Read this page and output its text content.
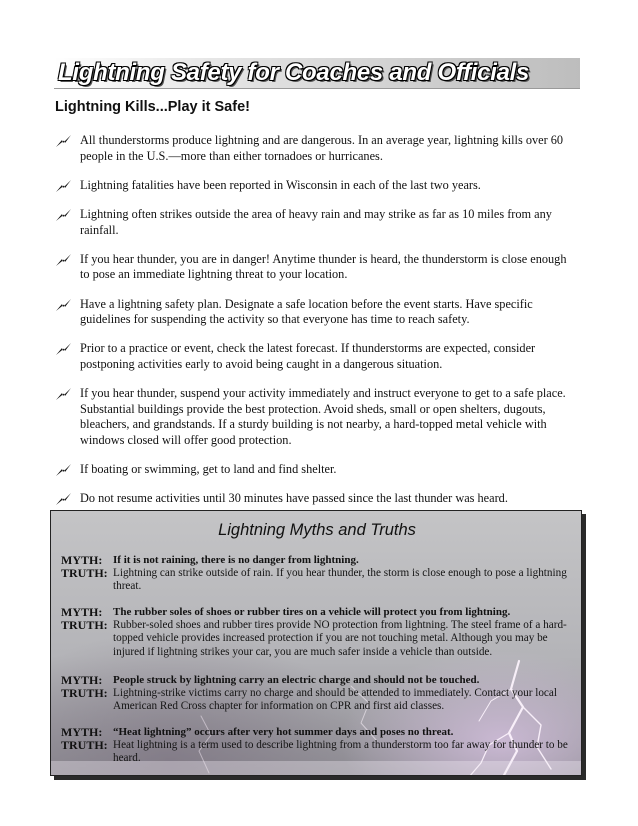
Lightning Safety for Coaches and Officials
Lightning Kills...Play it Safe!
All thunderstorms produce lightning and are dangerous. In an average year, lightning kills over 60 people in the U.S.—more than either tornadoes or hurricanes.
Lightning fatalities have been reported in Wisconsin in each of the last two years.
Lightning often strikes outside the area of heavy rain and may strike as far as 10 miles from any rainfall.
If you hear thunder, you are in danger! Anytime thunder is heard, the thunderstorm is close enough to pose an immediate lightning threat to your location.
Have a lightning safety plan. Designate a safe location before the event starts. Have specific guidelines for suspending the activity so that everyone has time to reach safety.
Prior to a practice or event, check the latest forecast. If thunderstorms are expected, consider postponing activities early to avoid being caught in a dangerous situation.
If you hear thunder, suspend your activity immediately and instruct everyone to get to a safe place. Substantial buildings provide the best protection. Avoid sheds, small or open shelters, dugouts, bleachers, and grandstands. If a sturdy building is not nearby, a hard-topped metal vehicle with windows closed will offer good protection.
If boating or swimming, get to land and find shelter.
Do not resume activities until 30 minutes have passed since the last thunder was heard.
Lightning Myths and Truths
MYTH: If it is not raining, there is no danger from lightning.
TRUTH: Lightning can strike outside of rain. If you hear thunder, the storm is close enough to pose a lightning threat.
MYTH: The rubber soles of shoes or rubber tires on a vehicle will protect you from lightning.
TRUTH: Rubber-soled shoes and rubber tires provide NO protection from lightning. The steel frame of a hard-topped vehicle provides increased protection if you are not touching metal. Although you may be injured if lightning strikes your car, you are much safer inside a vehicle than outside.
MYTH: People struck by lightning carry an electric charge and should not be touched.
TRUTH: Lightning-strike victims carry no charge and should be attended to immediately. Contact your local American Red Cross chapter for information on CPR and first aid classes.
MYTH: “Heat lightning” occurs after very hot summer days and poses no threat.
TRUTH: Heat lightning is a term used to describe lightning from a thunderstorm too far away for thunder to be heard.
